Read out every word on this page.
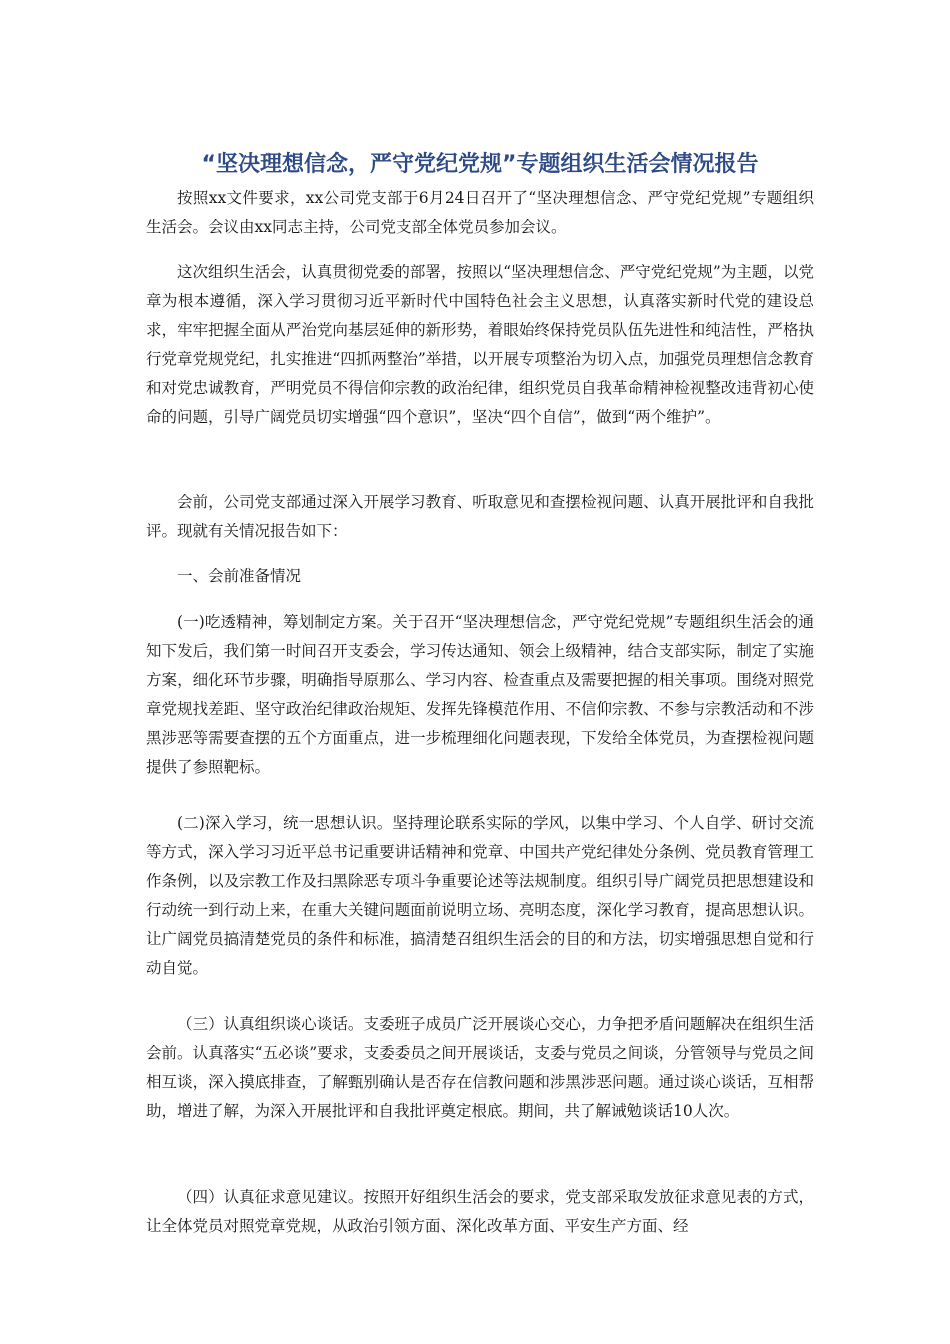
“坚决理想信念，严守党纪党规”专题组织生活会情况报告

按照xx文件要求，xx公司党支部于6月24日召开了“坚决理想信念、严守党纪党规”专题组织生活会。会议由xx同志主持，公司党支部全体党员参加会议。

这次组织生活会，认真贯彻党委的部署，按照以“坚决理想信念、严守党纪党规”为主题，以党章为根本遵循，深入学习贯彻习近平新时代中国特色社会主义思想，认真落实新时代党的建设总求，牢牢把握全面从严治党向基层延伸的新形势，着眼始终保持党员队伍先进性和纯洁性，严格执行党章党规党纪，扎实推进“四抓两整治”举措，以开展专项整治为切入点，加强党员理想信念教育和对党忠诚教育，严明党员不得信仰宗教的政治纪律，组织党员自我革命精神检视整改违背初心使命的问题，引导广阔党员切实增强“四个意识”，坚决“四个自信”，做到“两个维护”。

会前，公司党支部通过深入开展学习教育、听取意见和查摆检视问题、认真开展批评和自我批评。现就有关情况报告如下：

一、会前准备情况

(一)吃透精神，筹划制定方案。关于召开“坚决理想信念，严守党纪党规”专题组织生活会的通知下发后，我们第一时间召开支委会，学习传达通知、领会上级精神，结合支部实际，制定了实施方案，细化环节步骤，明确指导原那么、学习内容、检查重点及需要把握的相关事项。围绕对照党章党规找差距、坚守政治纪律政治规矩、发挥先锋模范作用、不信仰宗教、不参与宗教活动和不涉黑涉恶等需要查摆的五个方面重点，进一步梳理细化问题表现，下发给全体党员，为查摆检视问题提供了参照靶标。

(二)深入学习，统一思想认识。坚持理论联系实际的学风，以集中学习、个人自学、研讨交流等方式，深入学习习近平总书记重要讲话精神和党章、中国共产党纪律处分条例、党员教育管理工作条例，以及宗教工作及扫黑除恶专项斗争重要论述等法规制度。组织引导广阔党员把思想建设和行动统一到行动上来，在重大关键问题面前说明立场、亮明态度，深化学习教育，提高思想认识。让广阔党员搞清楚党员的条件和标准，搞清楚召组织生活会的目的和方法，切实增强思想自觉和行动自觉。

（三）认真组织谈心谈话。支委班子成员广泛开展谈心交心，力争把矛盾问题解决在组织生活会前。认真落实“五必谈”要求，支委委员之间开展谈话，支委与党员之间谈，分管领导与党员之间相互谈，深入摸底排查，了解甄别确认是否存在信教问题和涉黑涉恶问题。通过谈心谈话，互相帮助，增进了解，为深入开展批评和自我批评奠定根底。期间，共了解诫勉谈话10人次。

（四）认真征求意见建议。按照开好组织生活会的要求，党支部采取发放征求意见表的方式，让全体党员对照党章党规，从政治引领方面、深化改革方面、平安生产方面、经
